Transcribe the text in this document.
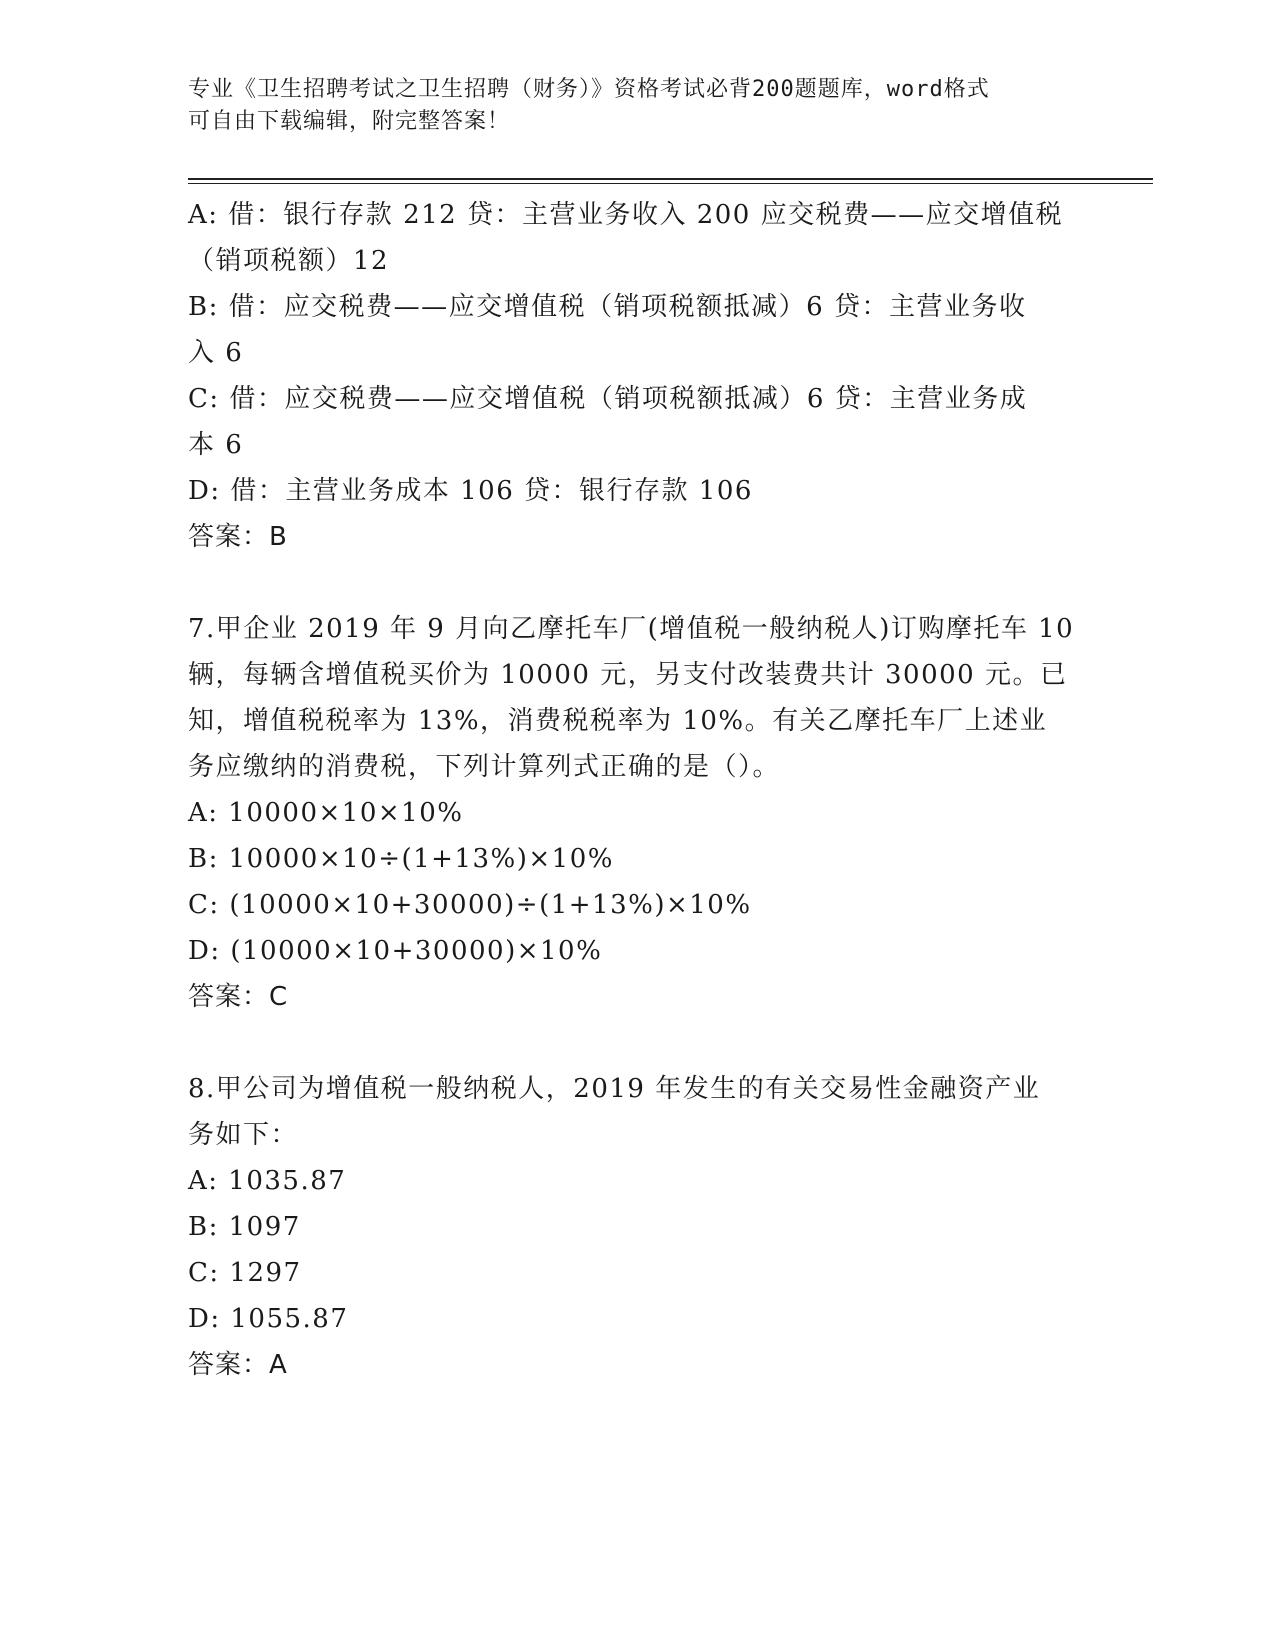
专业《卫生招聘考试之卫生招聘（财务）》资格考试必背200题题库，word格式
可自由下载编辑，附完整答案！
A: 借：银行存款 212 贷：主营业务收入 200 应交税费——应交增值税
（销项税额）12
B: 借：应交税费——应交增值税（销项税额抵减）6 贷：主营业务收
入 6
C: 借：应交税费——应交增值税（销项税额抵减）6 贷：主营业务成
本 6
D: 借：主营业务成本 106 贷：银行存款 106
答案：B
7.甲企业 2019 年 9 月向乙摩托车厂(增值税一般纳税人)订购摩托车 10
辆，每辆含增值税买价为 10000 元，另支付改装费共计 30000 元。已
知，增值税税率为 13%，消费税税率为 10%。有关乙摩托车厂上述业
务应缴纳的消费税，下列计算列式正确的是（）。
A: 10000×10×10%
B: 10000×10÷(1+13%)×10%
C: (10000×10+30000)÷(1+13%)×10%
D: (10000×10+30000)×10%
答案：C
8.甲公司为增值税一般纳税人，2019 年发生的有关交易性金融资产业
务如下：
A: 1035.87
B: 1097
C: 1297
D: 1055.87
答案：A
